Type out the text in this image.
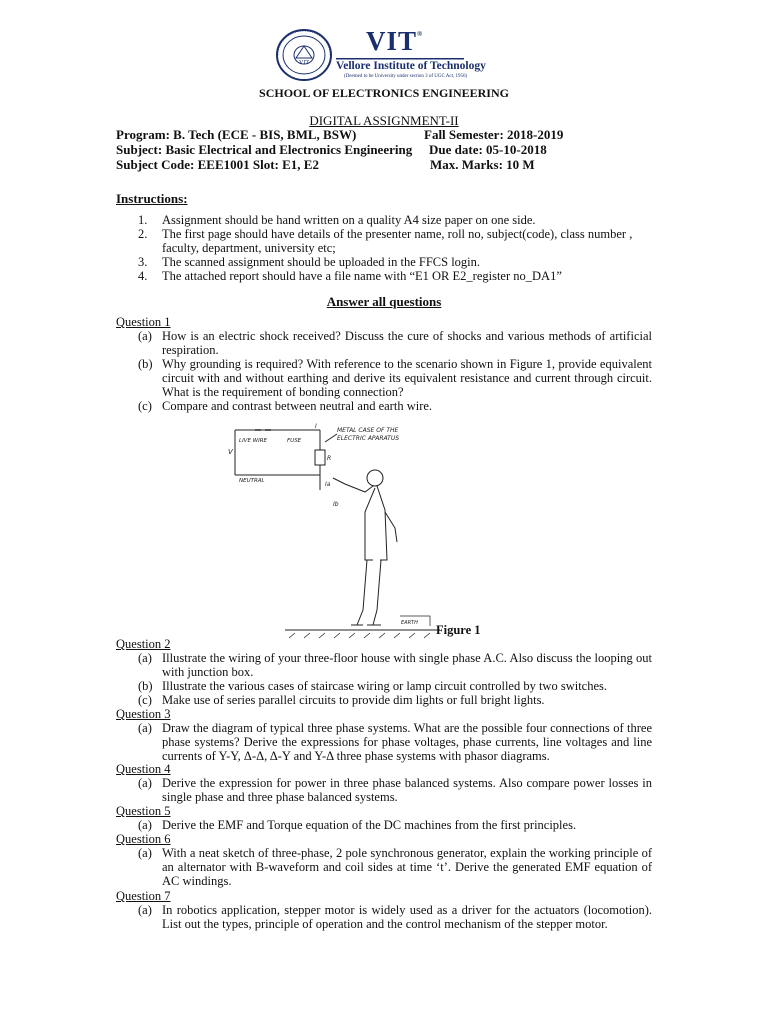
VIT
VIT®
Vellore Institute of Technology
(Deemed to be University under section 3 of UGC Act, 1956)
SCHOOL OF ELECTRONICS ENGINEERING
DIGITAL ASSIGNMENT-II
Program: B. Tech (ECE - BIS, BML, BSW)	Fall Semester: 2018-2019
Subject: Basic Electrical and Electronics Engineering Due date: 05-10-2018
Subject Code: EEE1001 Slot: E1, E2	Max. Marks: 10 M
Instructions:
1. Assignment should be hand written on a quality A4 size paper on one side.
2. The first page should have details of the presenter name, roll no, subject(code), class number ,
faculty, department, university etc;
3. The scanned assignment should be uploaded in the FFCS login.
4. The attached report should have a file name with “E1 OR E2_register no_DA1”
Answer all questions
Question 1
(a) How is an electric shock received? Discuss the cure of shocks and various methods of artificial respiration.
(b) Why grounding is required? With reference to the scenario shown in Figure 1, provide equivalent circuit with and without earthing and derive its equivalent resistance and current through circuit. What is the requirement of bonding connection?
(c) Compare and contrast between neutral and earth wire.
Question 2
(a) Illustrate the wiring of your three-floor house with single phase A.C. Also discuss the looping out with junction box.
(b) Illustrate the various cases of staircase wiring or lamp circuit controlled by two switches.
(c) Make use of series parallel circuits to provide dim lights or full bright lights.
Question 3
(a) Draw the diagram of typical three phase systems. What are the possible four connections of three phase systems? Derive the expressions for phase voltages, phase currents, line voltages and line currents of Y-Y, Δ-Δ, Δ-Y and Y-Δ three phase systems with phasor diagrams.
Question 4
(a) Derive the expression for power in three phase balanced systems. Also compare power losses in single phase and three phase balanced systems.
Question 5
(a) Derive the EMF and Torque equation of the DC machines from the first principles.
Question 6
(a) With a neat sketch of three-phase, 2 pole synchronous generator, explain the working principle of an alternator with B-waveform and coil sides at time ‘t’. Derive the generated EMF equation of AC windings.
Question 7
(a) In robotics application, stepper motor is widely used as a driver for the actuators (locomotion). List out the types, principle of operation and the control mechanism of the stepper motor.
LIVE WIRE	FUSE
NEUTRAL
METAL CASE OF THE
ELECTRIC APARATUS
V
R
I
Ia
Ib
EARTH Figure 1
